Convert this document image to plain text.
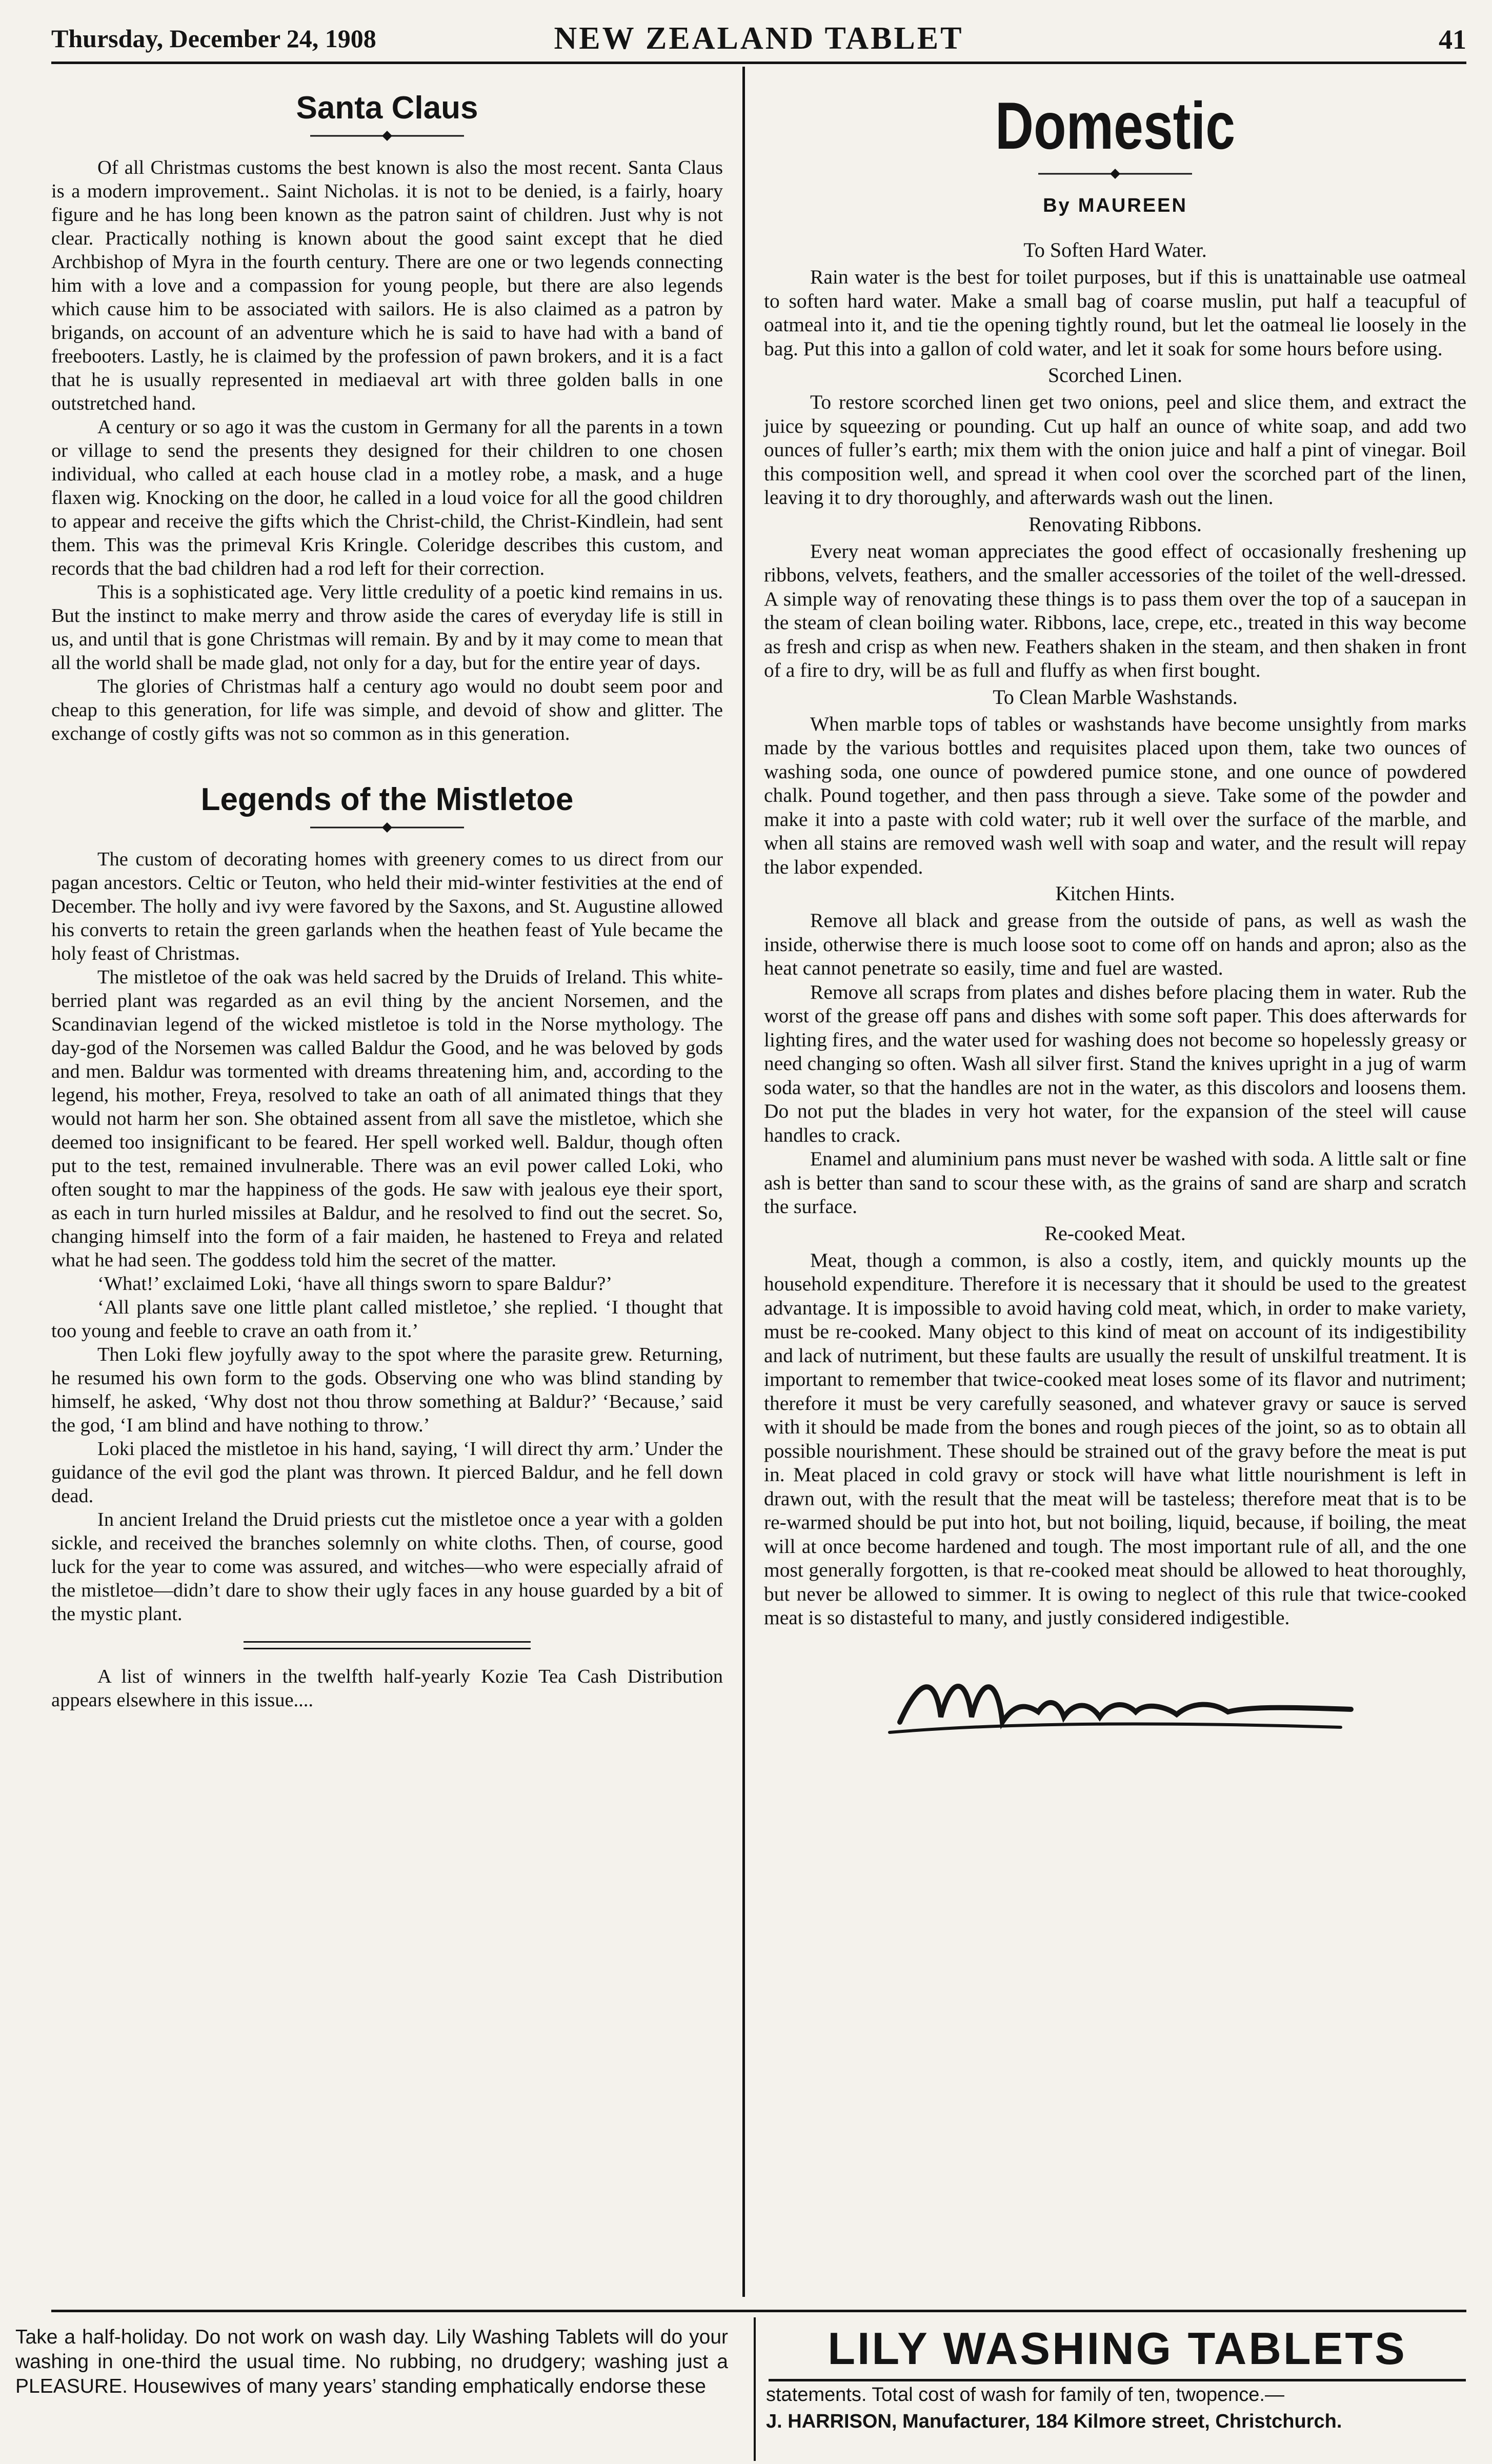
Thursday, December 24, 1908	NEW ZEALAND TABLET	41
Santa Claus

Of all Christmas customs the best known is also the most recent. Santa Claus is a modern improvement.. Saint Nicholas. it is not to be denied, is a fairly, hoary figure and he has long been known as the patron saint of children. Just why is not clear. Practically nothing is known about the good saint except that he died Archbishop of Myra in the fourth century. There are one or two legends connecting him with a love and a compassion for young people, but there are also legends which cause him to be associated with sailors. He is also claimed as a patron by brigands, on account of an adventure which he is said to have had with a band of freebooters. Lastly, he is claimed by the profession of pawn brokers, and it is a fact that he is usually represented in mediaeval art with three golden balls in one outstretched hand.

A century or so ago it was the custom in Germany for all the parents in a town or village to send the presents they designed for their children to one chosen individual, who called at each house clad in a motley robe, a mask, and a huge flaxen wig. Knocking on the door, he called in a loud voice for all the good children to appear and receive the gifts which the Christ-child, the Christ-Kindlein, had sent them. This was the primeval Kris Kringle. Coleridge describes this custom, and records that the bad children had a rod left for their correction.

This is a sophisticated age. Very little credulity of a poetic kind remains in us. But the instinct to make merry and throw aside the cares of everyday life is still in us, and until that is gone Christmas will remain. By and by it may come to mean that all the world shall be made glad, not only for a day, but for the entire year of days.

The glories of Christmas half a century ago would no doubt seem poor and cheap to this generation, for life was simple, and devoid of show and glitter. The exchange of costly gifts was not so common as in this generation.

Legends of the Mistletoe

The custom of decorating homes with greenery comes to us direct from our pagan ancestors. Celtic or Teuton, who held their mid-winter festivities at the end of December. The holly and ivy were favored by the Saxons, and St. Augustine allowed his converts to retain the green garlands when the heathen feast of Yule became the holy feast of Christmas.

The mistletoe of the oak was held sacred by the Druids of Ireland. This white-berried plant was regarded as an evil thing by the ancient Norsemen, and the Scandinavian legend of the wicked mistletoe is told in the Norse mythology. The day-god of the Norsemen was called Baldur the Good, and he was beloved by gods and men. Baldur was tormented with dreams threatening him, and, according to the legend, his mother, Freya, resolved to take an oath of all animated things that they would not harm her son. She obtained assent from all save the mistletoe, which she deemed too insignificant to be feared. Her spell worked well. Baldur, though often put to the test, remained invulnerable. There was an evil power called Loki, who often sought to mar the happiness of the gods. He saw with jealous eye their sport, as each in turn hurled missiles at Baldur, and he resolved to find out the secret. So, changing himself into the form of a fair maiden, he hastened to Freya and related what he had seen. The goddess told him the secret of the matter.

‘What!’ exclaimed Loki, ‘have all things sworn to spare Baldur?’

‘All plants save one little plant called mistletoe,’ she replied. ‘I thought that too young and feeble to crave an oath from it.’

Then Loki flew joyfully away to the spot where the parasite grew. Returning, he resumed his own form to the gods. Observing one who was blind standing by himself, he asked, ‘Why dost not thou throw something at Baldur?’ ‘Because,’ said the god, ‘I am blind and have nothing to throw.’

Loki placed the mistletoe in his hand, saying, ‘I will direct thy arm.’ Under the guidance of the evil god the plant was thrown. It pierced Baldur, and he fell down dead.

In ancient Ireland the Druid priests cut the mistletoe once a year with a golden sickle, and received the branches solemnly on white cloths. Then, of course, good luck for the year to come was assured, and witches—who were especially afraid of the mistletoe—didn’t dare to show their ugly faces in any house guarded by a bit of the mystic plant.

A list of winners in the twelfth half-yearly Kozie Tea Cash Distribution appears elsewhere in this issue....

Domestic
By MAUREEN
To Soften Hard Water.

Rain water is the best for toilet purposes, but if this is unattainable use oatmeal to soften hard water. Make a small bag of coarse muslin, put half a teacupful of oatmeal into it, and tie the opening tightly round, but let the oatmeal lie loosely in the bag. Put this into a gallon of cold water, and let it soak for some hours before using.

Scorched Linen.

To restore scorched linen get two onions, peel and slice them, and extract the juice by squeezing or pounding. Cut up half an ounce of white soap, and add two ounces of fuller’s earth; mix them with the onion juice and half a pint of vinegar. Boil this composition well, and spread it when cool over the scorched part of the linen, leaving it to dry thoroughly, and afterwards wash out the linen.

Renovating Ribbons.

Every neat woman appreciates the good effect of occasionally freshening up ribbons, velvets, feathers, and the smaller accessories of the toilet of the well-dressed. A simple way of renovating these things is to pass them over the top of a saucepan in the steam of clean boiling water. Ribbons, lace, crepe, etc., treated in this way become as fresh and crisp as when new. Feathers shaken in the steam, and then shaken in front of a fire to dry, will be as full and fluffy as when first bought.

To Clean Marble Washstands.

When marble tops of tables or washstands have become unsightly from marks made by the various bottles and requisites placed upon them, take two ounces of washing soda, one ounce of powdered pumice stone, and one ounce of powdered chalk. Pound together, and then pass through a sieve. Take some of the powder and make it into a paste with cold water; rub it well over the surface of the marble, and when all stains are removed wash well with soap and water, and the result will repay the labor expended.

Kitchen Hints.

Remove all black and grease from the outside of pans, as well as wash the inside, otherwise there is much loose soot to come off on hands and apron; also as the heat cannot penetrate so easily, time and fuel are wasted.

Remove all scraps from plates and dishes before placing them in water. Rub the worst of the grease off pans and dishes with some soft paper. This does afterwards for lighting fires, and the water used for washing does not become so hopelessly greasy or need changing so often. Wash all silver first. Stand the knives upright in a jug of warm soda water, so that the handles are not in the water, as this discolors and loosens them. Do not put the blades in very hot water, for the expansion of the steel will cause handles to crack.

Enamel and aluminium pans must never be washed with soda. A little salt or fine ash is better than sand to scour these with, as the grains of sand are sharp and scratch the surface.

Re-cooked Meat.

Meat, though a common, is also a costly, item, and quickly mounts up the household expenditure. Therefore it is necessary that it should be used to the greatest advantage. It is impossible to avoid having cold meat, which, in order to make variety, must be re-cooked. Many object to this kind of meat on account of its indigestibility and lack of nutriment, but these faults are usually the result of unskilful treatment. It is important to remember that twice-cooked meat loses some of its flavor and nutriment; therefore it must be very carefully seasoned, and whatever gravy or sauce is served with it should be made from the bones and rough pieces of the joint, so as to obtain all possible nourishment. These should be strained out of the gravy before the meat is put in. Meat placed in cold gravy or stock will have what little nourishment is left in drawn out, with the result that the meat will be tasteless; therefore meat that is to be re-warmed should be put into hot, but not boiling, liquid, because, if boiling, the meat will at once become hardened and tough. The most important rule of all, and the one most generally forgotten, is that re-cooked meat should be allowed to heat thoroughly, but never be allowed to simmer. It is owing to neglect of this rule that twice-cooked meat is so distasteful to many, and justly considered indigestible.

Take a half-holiday. Do not work on wash day. Lily Washing Tablets will do your washing in one-third the usual time. No rubbing, no drudgery; washing just a PLEASURE. Housewives of many years’ standing emphatically endorse these
LILY WASHING TABLETS
statements. Total cost of wash for family of ten, twopence.—
J. HARRISON, Manufacturer, 184 Kilmore street, Christchurch.
